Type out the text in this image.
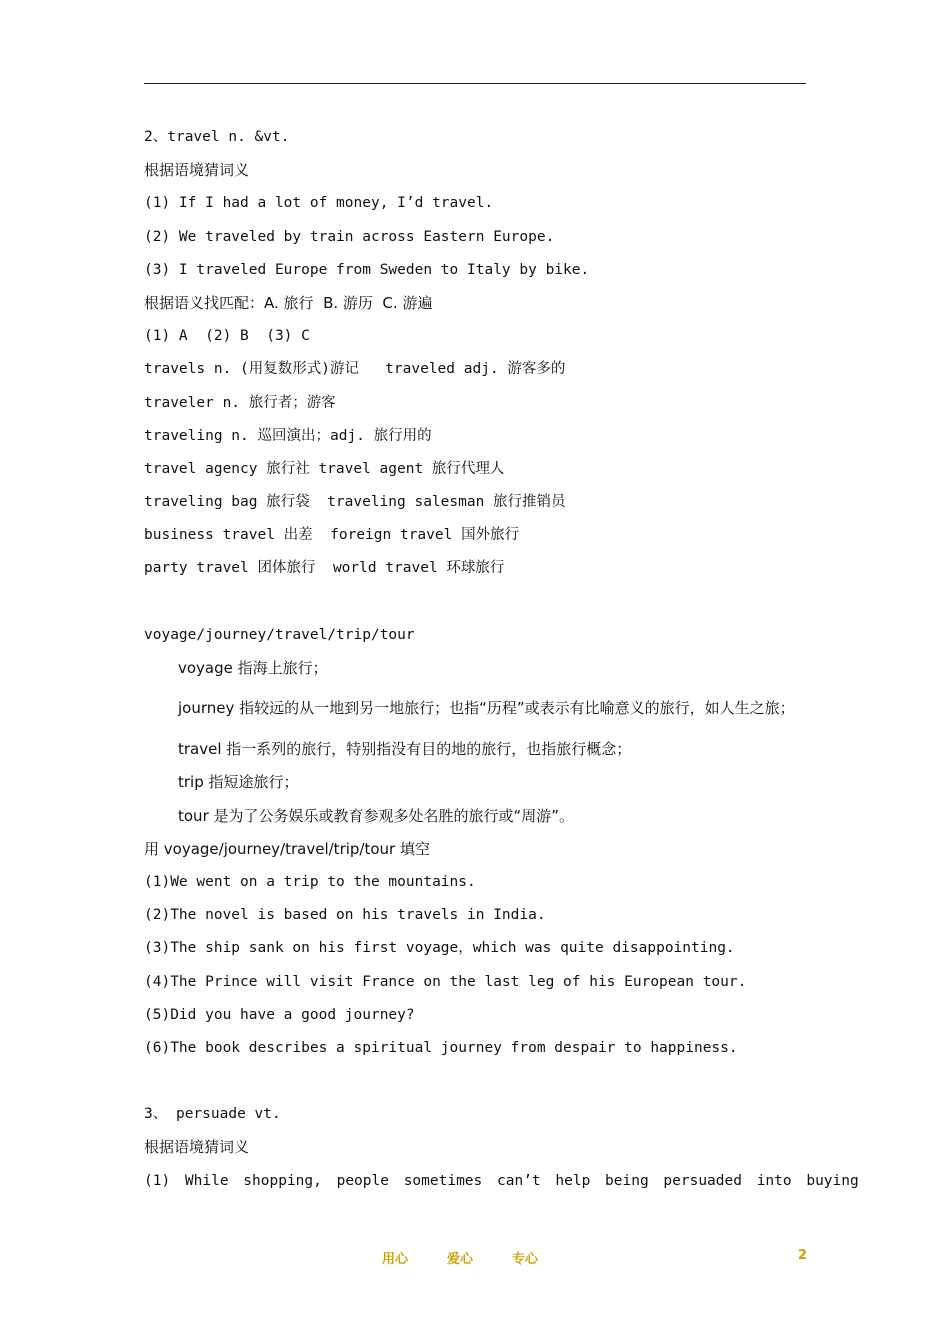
2、travel n. &vt.
根据语境猜词义
(1) If I had a lot of money, I’d travel.
(2) We traveled by train across Eastern Europe.
(3) I traveled Europe from Sweden to Italy by bike.
根据语义找匹配：A. 旅行  B. 游历  C. 游遍
(1) A  (2) B  (3) C
travels n. (用复数形式)游记   traveled adj. 游客多的
traveler n. 旅行者；游客
traveling n. 巡回演出；adj. 旅行用的
travel agency 旅行社 travel agent 旅行代理人
traveling bag 旅行袋  traveling salesman 旅行推销员
business travel 出差  foreign travel 国外旅行
party travel 团体旅行  world travel 环球旅行
voyage/journey/travel/trip/tour
voyage 指海上旅行；
journey 指较远的从一地到另一地旅行；也指“历程”或表示有比喻意义的旅行，如人生之旅；
travel 指一系列的旅行，特别指没有目的地的旅行，也指旅行概念；
trip 指短途旅行；
tour 是为了公务娱乐或教育参观多处名胜的旅行或“周游”。
用 voyage/journey/travel/trip/tour 填空
(1)We went on a trip to the mountains.
(2)The novel is based on his travels in India.
(3)The ship sank on his first voyage，which was quite disappointing.
(4)The Prince will visit France on the last leg of his European tour.
(5)Did you have a good journey?
(6)The book describes a spiritual journey from despair to happiness.
3、 persuade vt.
根据语境猜词义
(1) While shopping, people sometimes can’t help being persuaded into buying
用心	爱心	专心	2
